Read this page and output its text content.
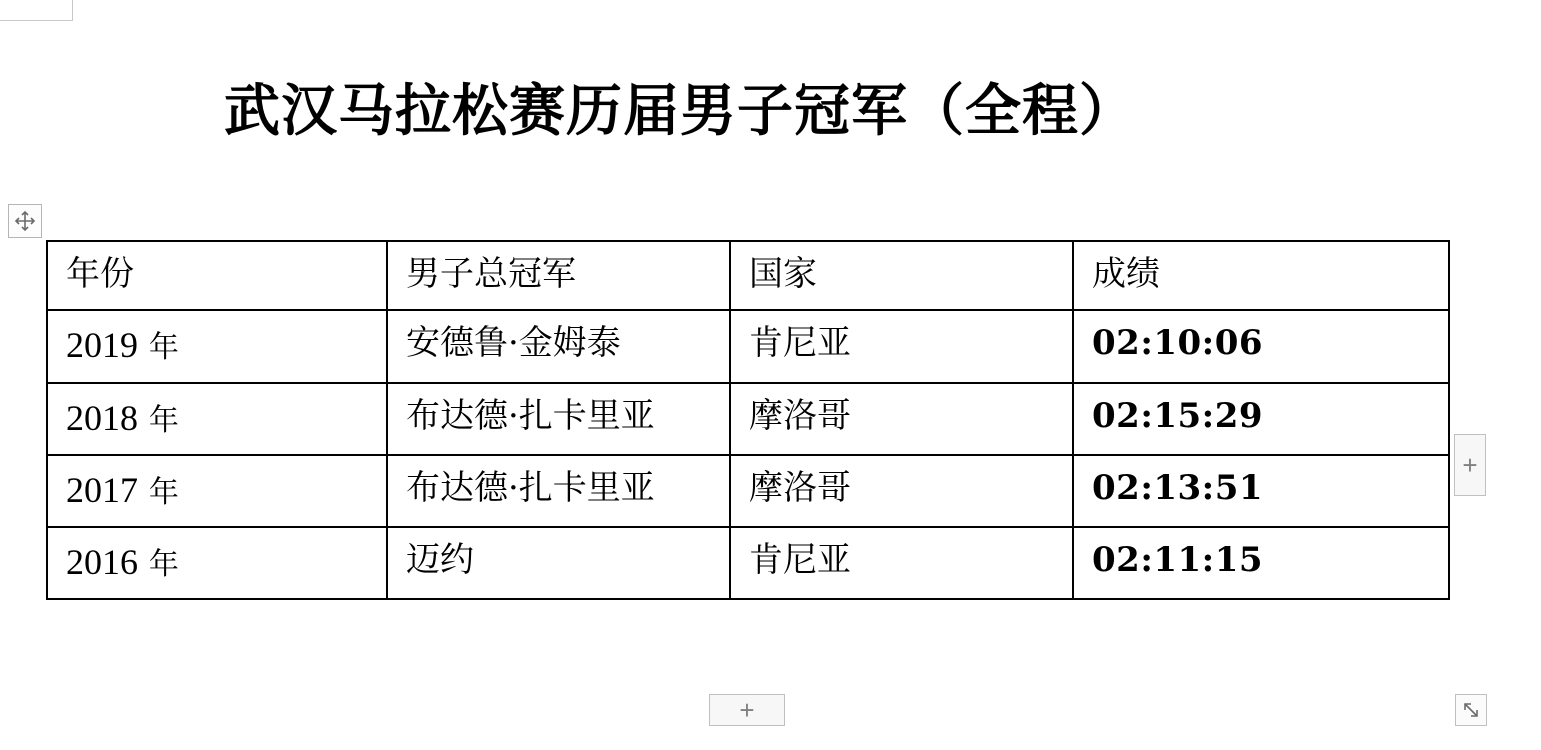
武汉马拉松赛历届男子冠军（全程）
年份	男子总冠军	国家	成绩
2019 年	安德鲁·金姆泰	肯尼亚	02:10:06
2018 年	布达德·扎卡里亚	摩洛哥	02:15:29
2017 年	布达德·扎卡里亚	摩洛哥	02:13:51
2016 年	迈约	肯尼亚	02:11:15
+
+
